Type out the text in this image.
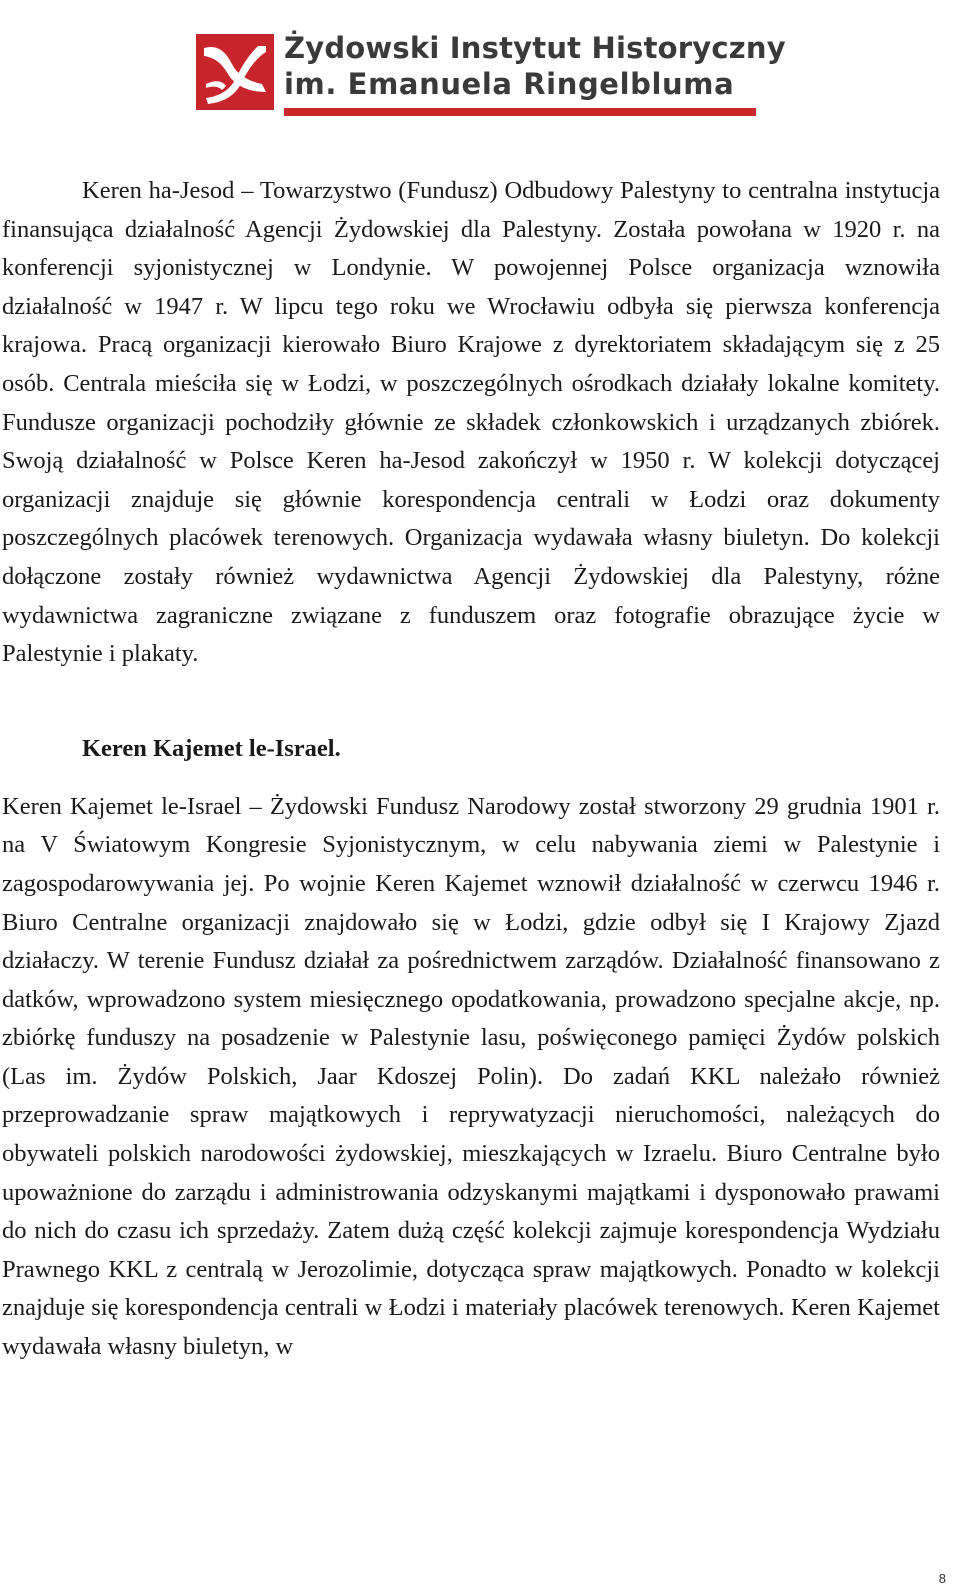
Żydowski Instytut Historyczny
im. Emanuela Ringelbluma

Keren ha-Jesod – Towarzystwo (Fundusz) Odbudowy Palestyny to centralna instytucja finansująca działalność Agencji Żydowskiej dla Palestyny. Została powołana w 1920 r. na konferencji syjonistycznej w Londynie. W powojennej Polsce organizacja wznowiła działalność w 1947 r. W lipcu tego roku we Wrocławiu odbyła się pierwsza konferencja krajowa. Pracą organizacji kierowało Biuro Krajowe z dyrektoriatem składającym się z 25 osób. Centrala mieściła się w Łodzi, w poszczególnych ośrodkach działały lokalne komitety. Fundusze organizacji pochodziły głównie ze składek członkowskich i urządzanych zbiórek. Swoją działalność w Polsce Keren ha-Jesod zakończył w 1950 r. W kolekcji dotyczącej organizacji znajduje się głównie korespondencja centrali w Łodzi oraz dokumenty poszczególnych placówek terenowych. Organizacja wydawała własny biuletyn. Do kolekcji dołączone zostały również wydawnictwa Agencji Żydowskiej dla Palestyny, różne wydawnictwa zagraniczne związane z funduszem oraz fotografie obrazujące życie w Palestynie i plakaty.

Keren Kajemet le-Israel.

Keren Kajemet le-Israel – Żydowski Fundusz Narodowy został stworzony 29 grudnia 1901 r. na V Światowym Kongresie Syjonistycznym, w celu nabywania ziemi w Palestynie i zagospodarowywania jej. Po wojnie Keren Kajemet wznowił działalność w czerwcu 1946 r. Biuro Centralne organizacji znajdowało się w Łodzi, gdzie odbył się I Krajowy Zjazd działaczy. W terenie Fundusz działał za pośrednictwem zarządów. Działalność finansowano z datków, wprowadzono system miesięcznego opodatkowania, prowadzono specjalne akcje, np. zbiórkę funduszy na posadzenie w Palestynie lasu, poświęconego pamięci Żydów polskich (Las im. Żydów Polskich, Jaar Kdoszej Polin). Do zadań KKL należało również przeprowadzanie spraw majątkowych i reprywatyzacji nieruchomości, należących do obywateli polskich narodowości żydowskiej, mieszkających w Izraelu. Biuro Centralne było upoważnione do zarządu i administrowania odzyskanymi majątkami i dysponowało prawami do nich do czasu ich sprzedaży. Zatem dużą część kolekcji zajmuje korespondencja Wydziału Prawnego KKL z centralą w Jerozolimie, dotycząca spraw majątkowych. Ponadto w kolekcji znajduje się korespondencja centrali w Łodzi i materiały placówek terenowych. Keren Kajemet wydawała własny biuletyn, w

8
